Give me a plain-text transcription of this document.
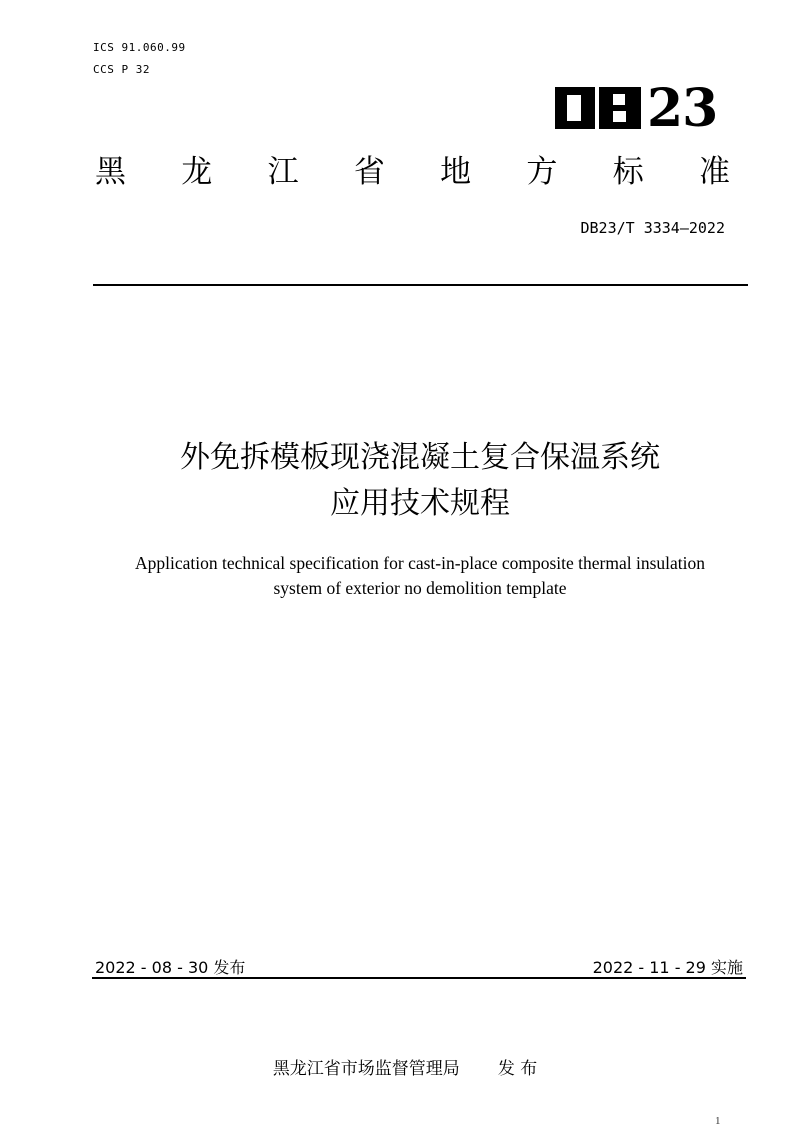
ICS 91.060.99
CCS P 32
23
黑 龙 江 省 地 方 标 准
DB23/T 3334—2022
外免拆模板现浇混凝土复合保温系统
应用技术规程
Application technical specification for cast-in-place composite thermal insulation
system of exterior no demolition template
2022 - 08 - 30 发布	2022 - 11 - 29 实施

黑龙江省市场监督管理局 发 布

1
